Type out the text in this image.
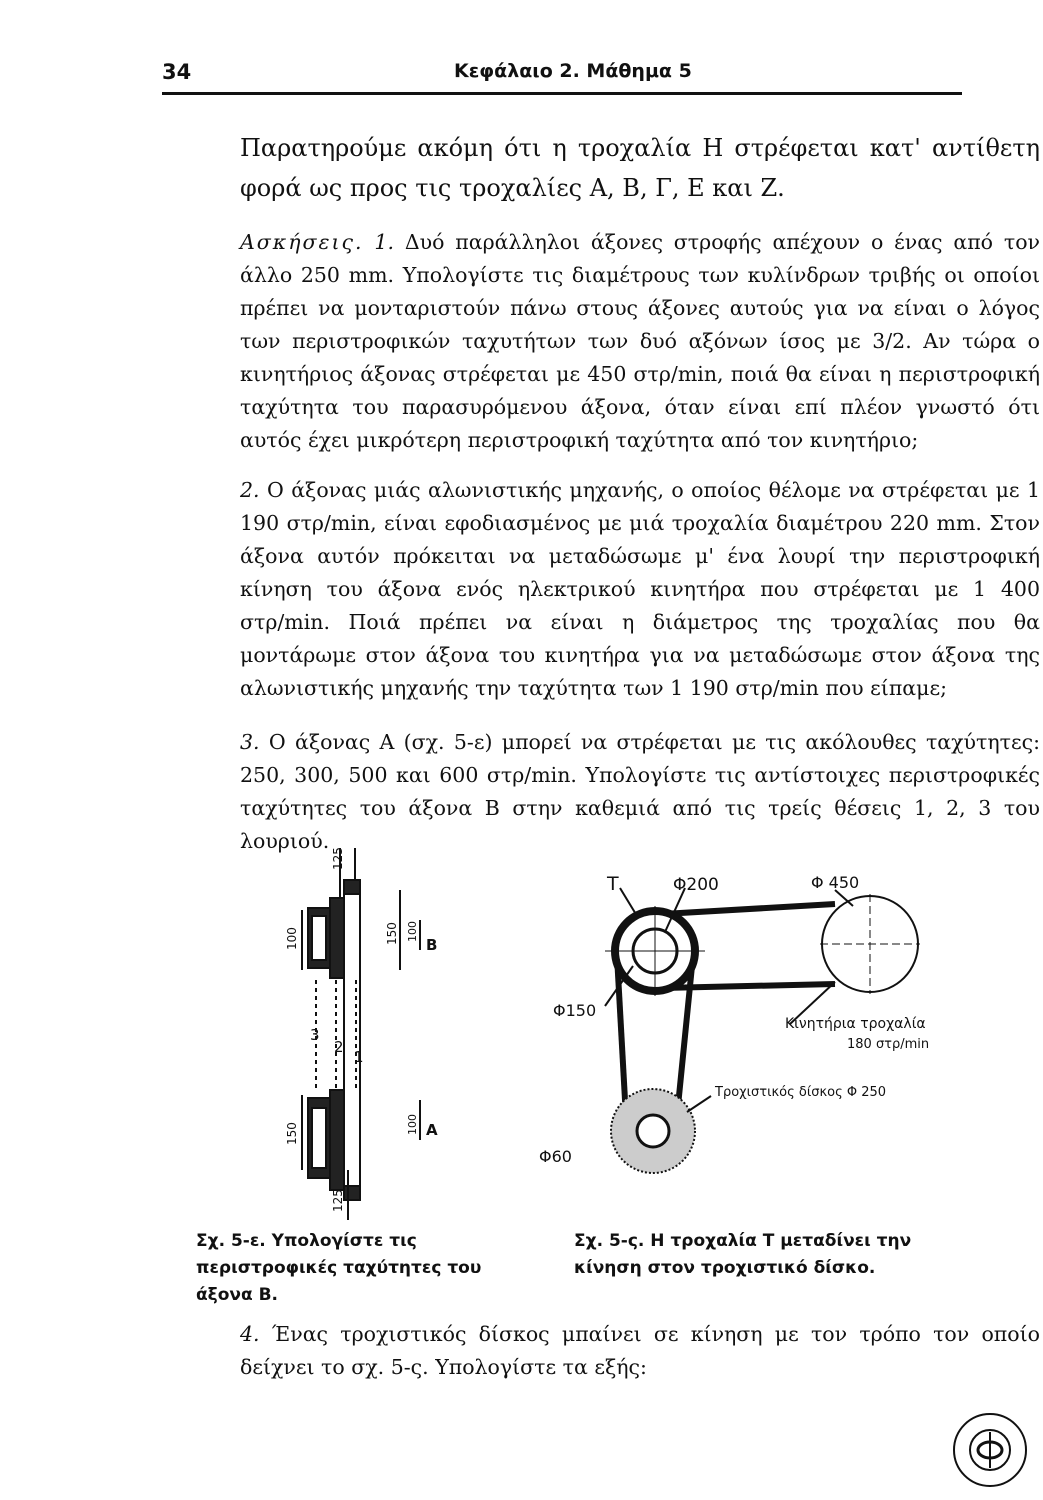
34	Κεφάλαιο 2. Μάθημα 5
Παρατηρούμε ακόμη ότι η τροχαλία Η στρέφεται κατ' αντίθετη φορά ως προς τις τροχαλίες Α, Β, Γ, Ε και Ζ.
Ασκήσεις. 1. Δυό παράλληλοι άξονες στροφής απέχουν ο ένας από τον άλλο 250 mm. Υπολογίστε τις διαμέτρους των κυλίνδρων τριβής οι οποίοι πρέπει να μονταριστούν πάνω στους άξονες αυτούς για να είναι ο λόγος των περιστροφικών ταχυτήτων των δυό αξόνων ίσος με 3/2. Αν τώρα ο κινητήριος άξονας στρέφεται με 450 στρ/min, ποιά θα είναι η περιστροφική ταχύτητα του παρασυρόμενου άξονα, όταν είναι επί πλέον γνωστό ότι αυτός έχει μικρότερη περιστροφική ταχύτητα από τον κινητήριο;
2. Ο άξονας μιάς αλωνιστικής μηχανής, ο οποίος θέλομε να στρέφεται με 1 190 στρ/min, είναι εφοδιασμένος με μιά τροχαλία διαμέτρου 220 mm. Στον άξονα αυτόν πρόκειται να μεταδώσωμε μ' ένα λουρί την περιστροφική κίνηση του άξονα ενός ηλεκτρικού κινητήρα που στρέφεται με 1 400 στρ/min. Ποιά πρέπει να είναι η διάμετρος της τροχαλίας που θα μοντάρωμε στον άξονα του κινητήρα για να μεταδώσωμε στον άξονα της αλωνιστικής μηχανής την ταχύτητα των 1 190 στρ/min που είπαμε;
3. Ο άξονας Α (σχ. 5-ε) μπορεί να στρέφεται με τις ακόλουθες ταχύτητες: 250, 300, 500 και 600 στρ/min. Υπολογίστε τις αντίστοιχες περιστροφικές ταχύτητες του άξονα Β στην καθεμιά από τις τρείς θέσεις 1, 2, 3 του λουριού.
125
100	150 100
B
3
2
1
150	100 A
125
T	Φ200	Φ 450
Φ150
Κινητήρια τροχαλία
180 στρ/min
Τροχιστικός δίσκος Φ 250
Φ60
Σχ. 5-ε. Υπολογίστε τις περιστροφικές ταχύτητες του άξονα Β.
Σχ. 5-ς. Η τροχαλία Τ μεταδίνει την κίνηση στον τροχιστικό δίσκο.
4. Ένας τροχιστικός δίσκος μπαίνει σε κίνηση με τον τρόπο τον οποίο δείχνει το σχ. 5-ς. Υπολογίστε τα εξής:
